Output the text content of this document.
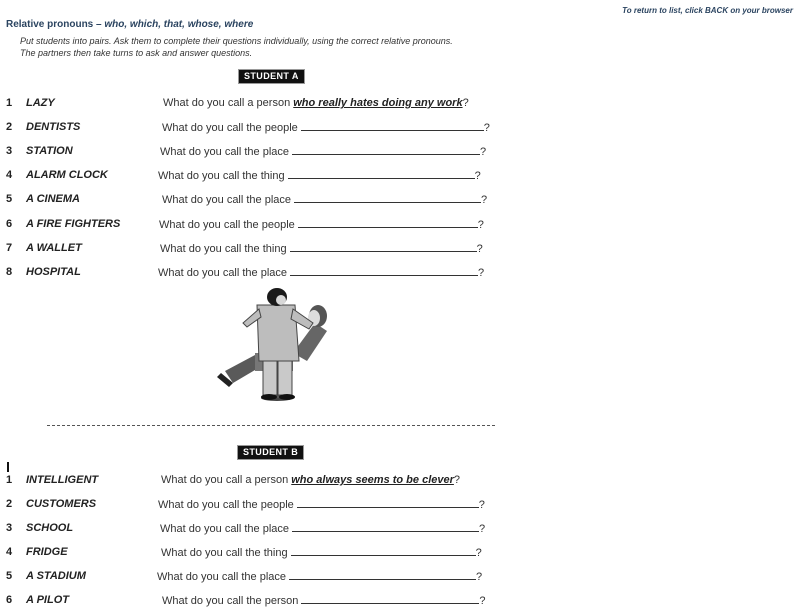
Relative pronouns – who, which, that, whose, where
To return to list, click BACK on your browser
Put students into pairs. Ask them to complete their questions individually, using the correct relative pronouns.
The partners then take turns to ask and answer questions.
STUDENT A
1 LAZY	What do you call a person who really hates doing any work?
2 DENTISTS	What do you call the people	?
3 STATION	What do you call the place	?
4 ALARM CLOCK	What do you call the thing	?
5 A CINEMA	What do you call the place	?
6 A FIRE FIGHTERS	What do you call the people	?
7 A WALLET	What do you call the thing	?
8 HOSPITAL	What do you call the place	?
STUDENT B
1 INTELLIGENT	What do you call a person who always seems to be clever?
2 CUSTOMERS	What do you call the people	?
3 SCHOOL	What do you call the place	?
4 FRIDGE	What do you call the thing	?
5 A STADIUM	What do you call the place	?
6 A PILOT	What do you call the person	?
